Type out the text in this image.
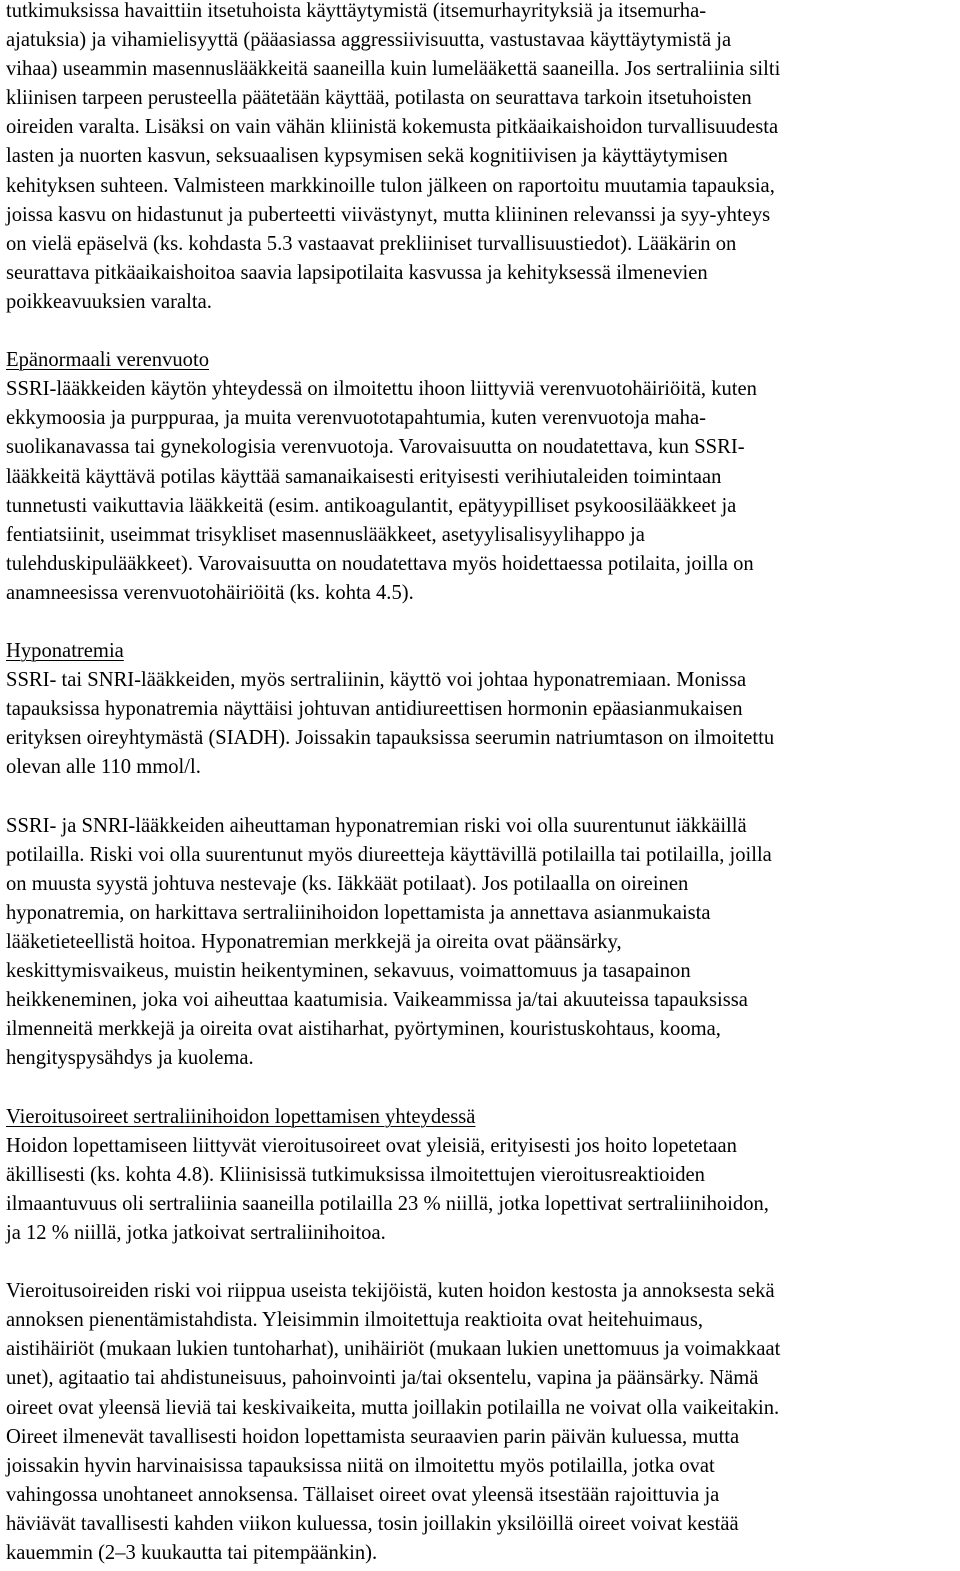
tutkimuksissa havaittiin itsetuhoista käyttäytymistä (itsemurhayrityksiä ja itsemurha-
ajatuksia) ja vihamielisyyttä (pääasiassa aggressiivisuutta, vastustavaa käyttäytymistä ja
vihaa) useammin masennuslääkkeitä saaneilla kuin lumelääkettä saaneilla. Jos sertraliinia silti
kliinisen tarpeen perusteella päätetään käyttää, potilasta on seurattava tarkoin itsetuhoisten
oireiden varalta. Lisäksi on vain vähän kliinistä kokemusta pitkäaikaishoidon turvallisuudesta
lasten ja nuorten kasvun, seksuaalisen kypsymisen sekä kognitiivisen ja käyttäytymisen
kehityksen suhteen. Valmisteen markkinoille tulon jälkeen on raportoitu muutamia tapauksia,
joissa kasvu on hidastunut ja puberteetti viivästynyt, mutta kliininen relevanssi ja syy-yhteys
on vielä epäselvä (ks. kohdasta 5.3 vastaavat prekliiniset turvallisuustiedot). Lääkärin on
seurattava pitkäaikaishoitoa saavia lapsipotilaita kasvussa ja kehityksessä ilmenevien
poikkeavuuksien varalta.
Epänormaali verenvuoto
SSRI-lääkkeiden käytön yhteydessä on ilmoitettu ihoon liittyviä verenvuotohäiriöitä, kuten
ekkymoosia ja purppuraa, ja muita verenvuototapahtumia, kuten verenvuotoja maha-
suolikanavassa tai gynekologisia verenvuotoja. Varovaisuutta on noudatettava, kun SSRI-
lääkkeitä käyttävä potilas käyttää samanaikaisesti erityisesti verihiutaleiden toimintaan
tunnetusti vaikuttavia lääkkeitä (esim. antikoagulantit, epätyypilliset psykoosilääkkeet ja
fentiatsiinit, useimmat trisykliset masennuslääkkeet, asetyylisalisyylihappo ja
tulehduskipulääkkeet). Varovaisuutta on noudatettava myös hoidettaessa potilaita, joilla on
anamneesissa verenvuotohäiriöitä (ks. kohta 4.5).
Hyponatremia
SSRI- tai SNRI-lääkkeiden, myös sertraliinin, käyttö voi johtaa hyponatremiaan. Monissa
tapauksissa hyponatremia näyttäisi johtuvan antidiureettisen hormonin epäasianmukaisen
erityksen oireyhtymästä (SIADH). Joissakin tapauksissa seerumin natriumtason on ilmoitettu
olevan alle 110 mmol/l.
SSRI- ja SNRI-lääkkeiden aiheuttaman hyponatremian riski voi olla suurentunut iäkkäillä
potilailla. Riski voi olla suurentunut myös diureetteja käyttävillä potilailla tai potilailla, joilla
on muusta syystä johtuva nestevaje (ks. Iäkkäät potilaat). Jos potilaalla on oireinen
hyponatremia, on harkittava sertraliinihoidon lopettamista ja annettava asianmukaista
lääketieteellistä hoitoa. Hyponatremian merkkejä ja oireita ovat päänsärky,
keskittymisvaikeus, muistin heikentyminen, sekavuus, voimattomuus ja tasapainon
heikkeneminen, joka voi aiheuttaa kaatumisia. Vaikeammissa ja/tai akuuteissa tapauksissa
ilmenneitä merkkejä ja oireita ovat aistiharhat, pyörtyminen, kouristuskohtaus, kooma,
hengityspysähdys ja kuolema.
Vieroitusoireet sertraliinihoidon lopettamisen yhteydessä
Hoidon lopettamiseen liittyvät vieroitusoireet ovat yleisiä, erityisesti jos hoito lopetetaan
äkillisesti (ks. kohta 4.8). Kliinisissä tutkimuksissa ilmoitettujen vieroitusreaktioiden
ilmaantuvuus oli sertraliinia saaneilla potilailla 23 % niillä, jotka lopettivat sertraliinihoidon,
ja 12 % niillä, jotka jatkoivat sertraliinihoitoa.
Vieroitusoireiden riski voi riippua useista tekijöistä, kuten hoidon kestosta ja annoksesta sekä
annoksen pienentämistahdista. Yleisimmin ilmoitettuja reaktioita ovat heitehuimaus,
aistihäiriöt (mukaan lukien tuntoharhat), unihäiriöt (mukaan lukien unettomuus ja voimakkaat
unet), agitaatio tai ahdistuneisuus, pahoinvointi ja/tai oksentelu, vapina ja päänsärky. Nämä
oireet ovat yleensä lieviä tai keskivaikeita, mutta joillakin potilailla ne voivat olla vaikeitakin.
Oireet ilmenevät tavallisesti hoidon lopettamista seuraavien parin päivän kuluessa, mutta
joissakin hyvin harvinaisissa tapauksissa niitä on ilmoitettu myös potilailla, jotka ovat
vahingossa unohtaneet annoksensa. Tällaiset oireet ovat yleensä itsestään rajoittuvia ja
häviävät tavallisesti kahden viikon kuluessa, tosin joillakin yksilöillä oireet voivat kestää
kauemmin (2–3 kuukautta tai pitempäänkin).
